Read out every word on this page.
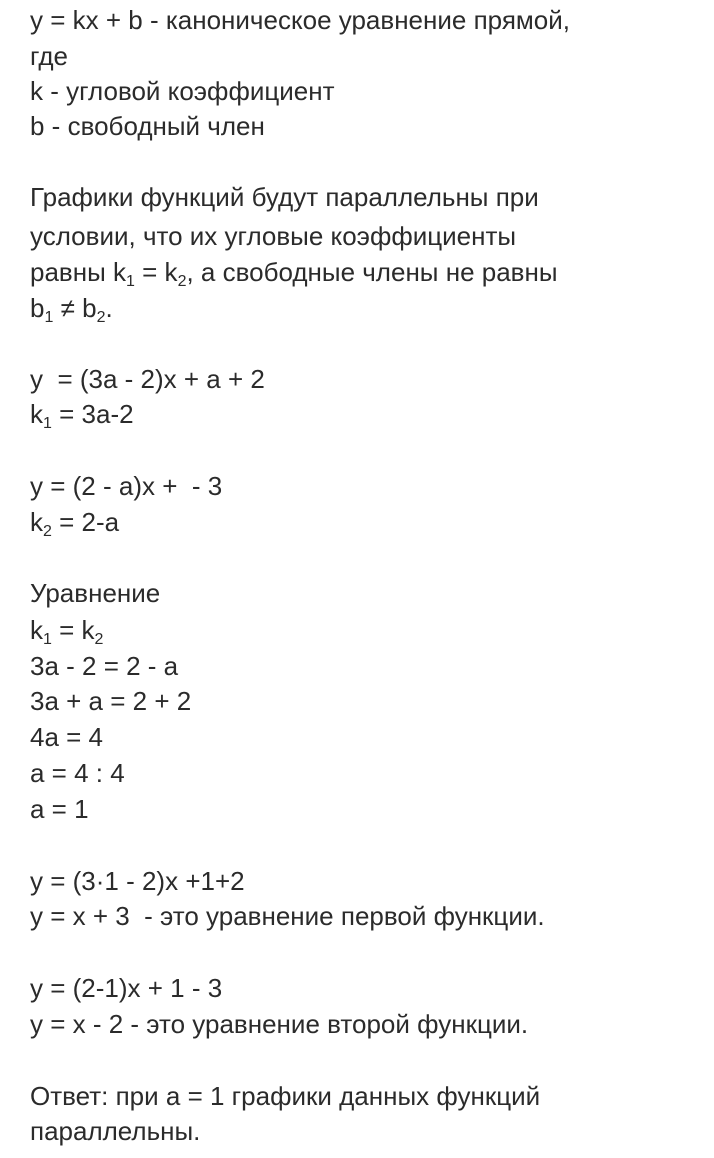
y = kx + b - каноническое уравнение прямой,
где
k - угловой коэффициент
b - свободный член
Графики функций будут параллельны при
условии, что их угловые коэффициенты
равны $k_1 = k_2$, а свободные члены не равны
$b_1 \ne b_2$.
y  = (3a - 2)x + a + 2
$k_1 = 3a-2$
y = (2 - a)x +  - 3
$k_2 = 2-a$
Уравнение
$k_1 = k_2$
3a - 2 = 2 - a
3a + a = 2 + 2
4a = 4
a = 4 : 4
a = 1
y = (3·1 - 2)x +1+2
y = x + 3  - это уравнение первой функции.
y = (2-1)x + 1 - 3
y = x - 2 - это уравнение второй функции.
Ответ: при a = 1 графики данных функций
параллельны.
